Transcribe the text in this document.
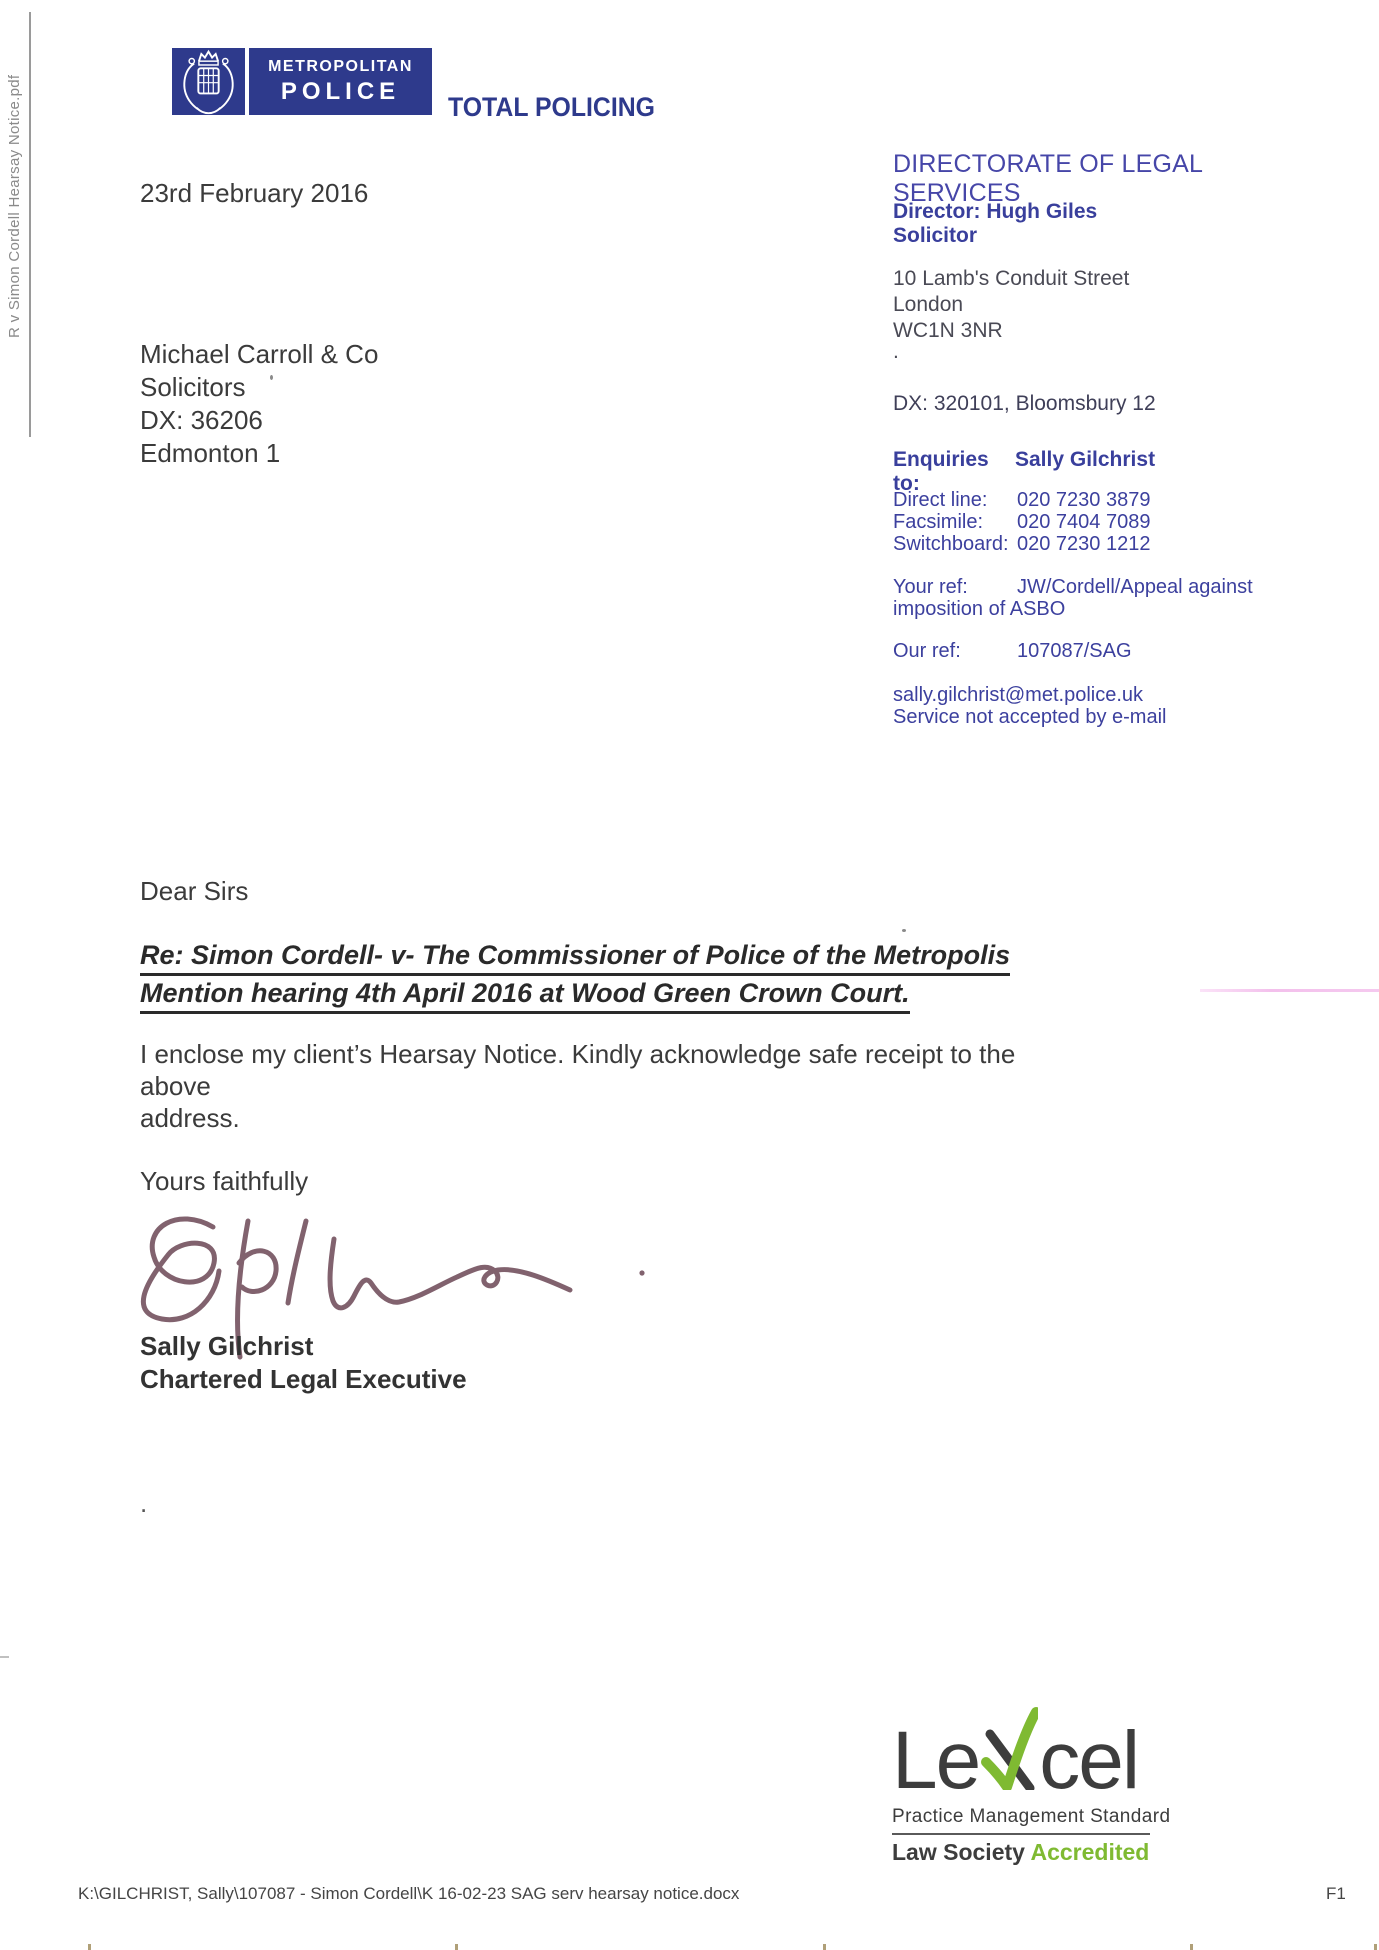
R v Simon Cordell Hearsay Notice.pdf
METROPOLITAN
POLICE
TOTAL POLICING
23rd February 2016
Michael Carroll & Co
Solicitors
DX: 36206
Edmonton 1
DIRECTORATE OF LEGAL SERVICES
Director: Hugh Giles
Solicitor
10 Lamb's Conduit Street
London
WC1N 3NR
.
DX: 320101, Bloomsbury 12
Enquiries to:
Sally Gilchrist
Direct line:	020 7230 3879
Facsimile:	020 7404 7089
Switchboard: 020 7230 1212
Your ref:	JW/Cordell/Appeal against
imposition of ASBO
Our ref:	107087/SAG
sally.gilchrist@met.police.uk
Service not accepted by e-mail
Dear Sirs
Re: Simon Cordell- v- The Commissioner of Police of the Metropolis
Mention hearing 4th April 2016 at Wood Green Crown Court.
I enclose my client’s Hearsay Notice. Kindly acknowledge safe receipt to the above
address.
Yours faithfully
Sally Gilchrist
Chartered Legal Executive
.
Le cel
Practice Management Standard
Law Society Accredited
K:\GILCHRIST, Sally\107087 - Simon Cordell\K 16-02-23 SAG serv hearsay notice.docx	F1
